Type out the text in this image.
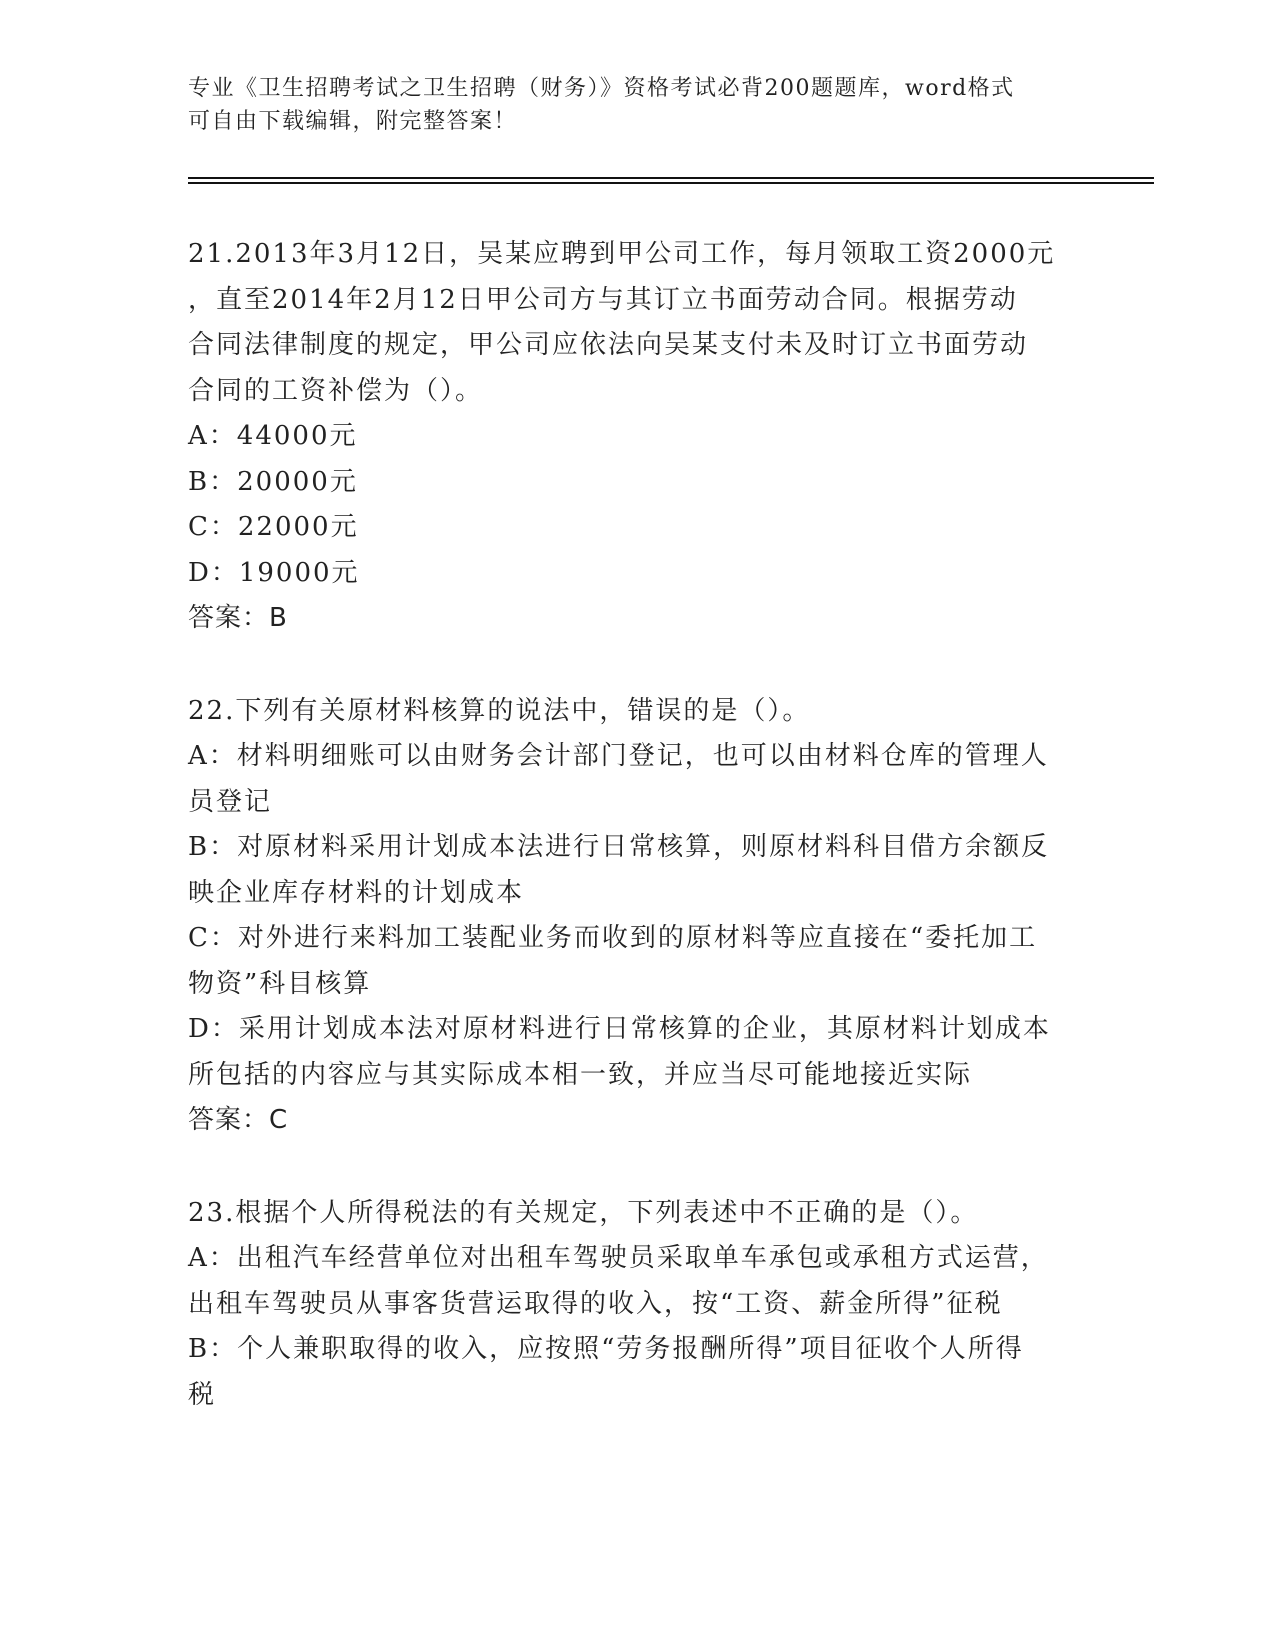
专业《卫生招聘考试之卫生招聘（财务）》资格考试必背200题题库，word格式
可自由下载编辑，附完整答案！
21.2013年3月12日，吴某应聘到甲公司工作，每月领取工资2000元
，直至2014年2月12日甲公司方与其订立书面劳动合同。根据劳动
合同法律制度的规定，甲公司应依法向吴某支付未及时订立书面劳动
合同的工资补偿为（）。
A：44000元
B：20000元
C：22000元
D：19000元
答案：B
22.下列有关原材料核算的说法中，错误的是（）。
A：材料明细账可以由财务会计部门登记，也可以由材料仓库的管理人
员登记
B：对原材料采用计划成本法进行日常核算，则原材料科目借方余额反
映企业库存材料的计划成本
C：对外进行来料加工装配业务而收到的原材料等应直接在“委托加工
物资”科目核算
D：采用计划成本法对原材料进行日常核算的企业，其原材料计划成本
所包括的内容应与其实际成本相一致，并应当尽可能地接近实际
答案：C
23.根据个人所得税法的有关规定，下列表述中不正确的是（）。
A：出租汽车经营单位对出租车驾驶员采取单车承包或承租方式运营，
出租车驾驶员从事客货营运取得的收入，按“工资、薪金所得”征税
B：个人兼职取得的收入，应按照“劳务报酬所得”项目征收个人所得
税
